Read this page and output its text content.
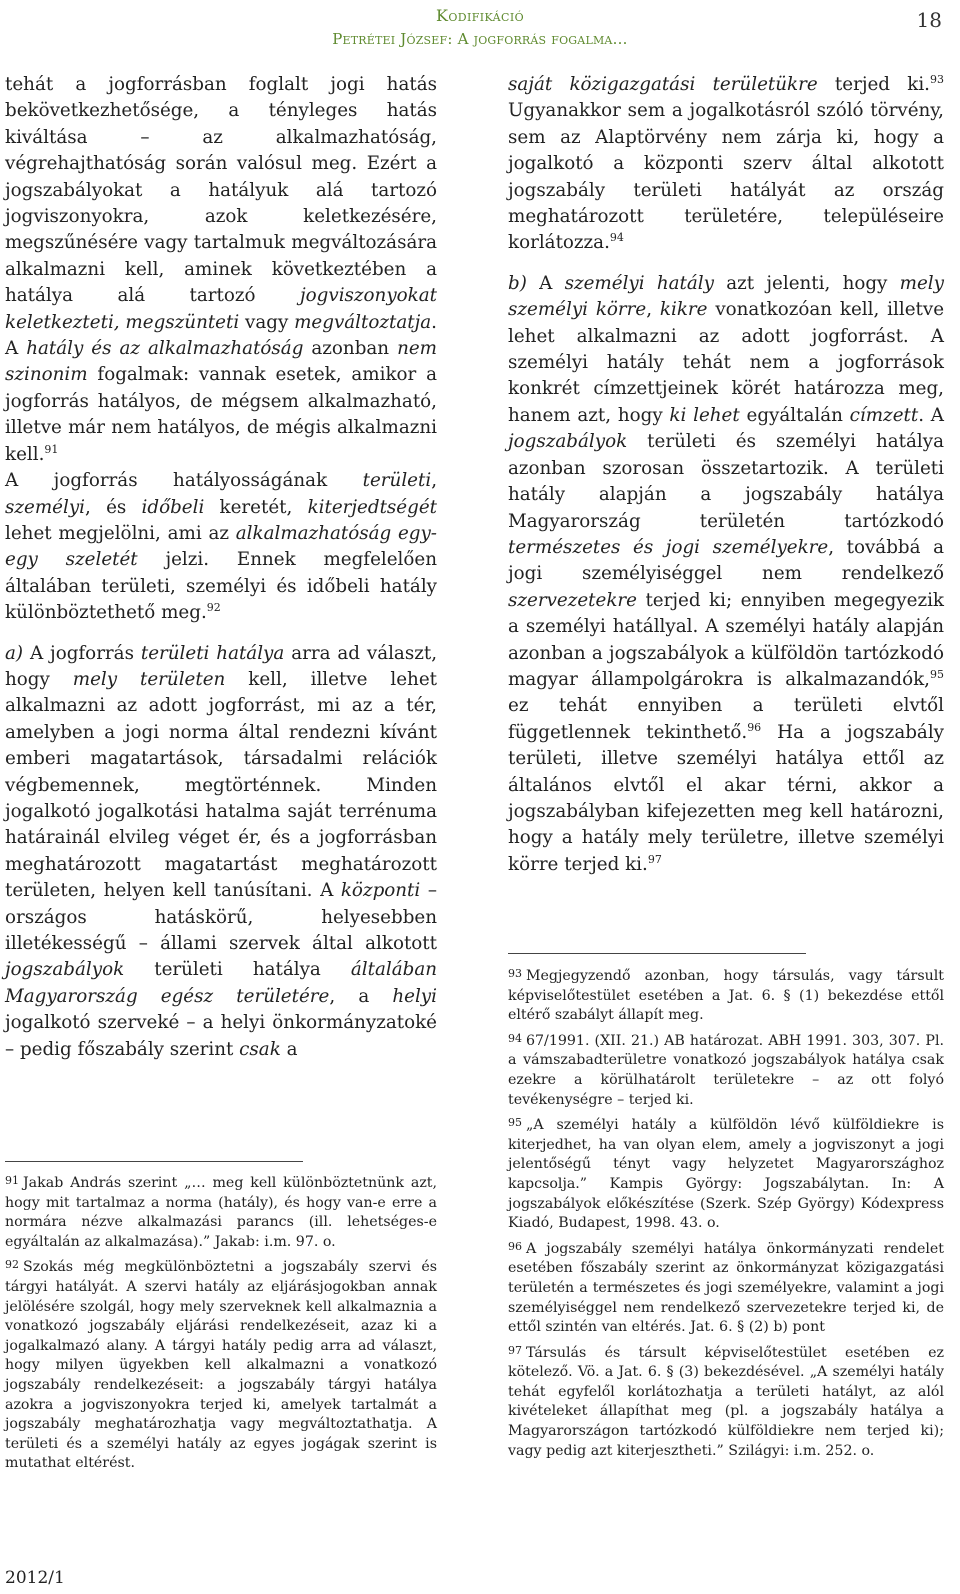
Kodifikáció
Petrétei József: A jogforrás fogalma…
18

tehát a jogforrásban foglalt jogi hatás bekövetkezhetősége, a tényleges hatás kiváltása – az alkalmazhatóság, végrehajthatóság során valósul meg. Ezért a jogszabályokat a hatályuk alá tartozó jogviszonyokra, azok keletkezésére, megszűnésére vagy tartalmuk megváltozására alkalmazni kell, aminek következtében a hatálya alá tartozó jogviszonyokat keletkezteti, megszünteti vagy megváltoztatja. A hatály és az alkalmazhatóság azonban nem szinonim fogalmak: vannak esetek, amikor a jogforrás hatályos, de mégsem alkalmazható, illetve már nem hatályos, de mégis alkalmazni kell.$^{91}$

A jogforrás hatályosságának területi, személyi, és időbeli keretét, kiterjedtségét lehet megjelölni, ami az alkalmazhatóság egy-egy szeletét jelzi. Ennek megfelelően általában területi, személyi és időbeli hatály különböztethető meg.$^{92}$

a) A jogforrás területi hatálya arra ad választ, hogy mely területen kell, illetve lehet alkalmazni az adott jogforrást, mi az a tér, amelyben a jogi norma által rendezni kívánt emberi magatartások, társadalmi relációk végbemennek, megtörténnek. Minden jogalkotó jogalkotási hatalma saját terrénuma határainál elvileg véget ér, és a jogforrásban meghatározott magatartást meghatározott területen, helyen kell tanúsítani. A központi – országos hatáskörű, helyesebben illetékességű – állami szervek által alkotott jogszabályok területi hatálya általában Magyarország egész területére, a helyi jogalkotó szerveké – a helyi önkormányzatoké – pedig főszabály szerint csak a

saját közigazgatási területükre terjed ki.$^{93}$ Ugyanakkor sem a jogalkotásról szóló törvény, sem az Alaptörvény nem zárja ki, hogy a jogalkotó a központi szerv által alkotott jogszabály területi hatályát az ország meghatározott területére, településeire korlátozza.$^{94}$

b) A személyi hatály azt jelenti, hogy mely személyi körre, kikre vonatkozóan kell, illetve lehet alkalmazni az adott jogforrást. A személyi hatály tehát nem a jogforrások konkrét címzettjeinek körét határozza meg, hanem azt, hogy ki lehet egyáltalán címzett. A jogszabályok területi és személyi hatálya azonban szorosan összetartozik. A területi hatály alapján a jogszabály hatálya Magyarország területén tartózkodó természetes és jogi személyekre, továbbá a jogi személyiséggel nem rendelkező szervezetekre terjed ki; ennyiben megegyezik a személyi hatállyal. A személyi hatály alapján azonban a jogszabályok a külföldön tartózkodó magyar állampolgárokra is alkalmazandók,$^{95}$ ez tehát ennyiben a területi elvtől függetlennek tekinthető.$^{96}$ Ha a jogszabály területi, illetve személyi hatálya ettől az általános elvtől el akar térni, akkor a jogszabályban kifejezetten meg kell határozni, hogy a hatály mely területre, illetve személyi körre terjed ki.$^{97}$

$^{91}$ Jakab András szerint „… meg kell különböztetnünk azt, hogy mit tartalmaz a norma (hatály), és hogy van-e erre a normára nézve alkalmazási parancs (ill. lehetséges-e egyáltalán az alkalmazása).” Jakab: i.m. 97. o.

$^{92}$ Szokás még megkülönböztetni a jogszabály szervi és tárgyi hatályát. A szervi hatály az eljárásjogokban annak jelölésére szolgál, hogy mely szerveknek kell alkalmaznia a vonatkozó jogszabály eljárási rendelkezéseit, azaz ki a jogalkalmazó alany. A tárgyi hatály pedig arra ad választ, hogy milyen ügyekben kell alkalmazni a vonatkozó jogszabály rendelkezéseit: a jogszabály tárgyi hatálya azokra a jogviszonyokra terjed ki, amelyek tartalmát a jogszabály meghatározhatja vagy megváltoztathatja. A területi és a személyi hatály az egyes jogágak szerint is mutathat eltérést.

$^{93}$ Megjegyzendő azonban, hogy társulás, vagy társult képviselőtestület esetében a Jat. 6. § (1) bekezdése ettől eltérő szabályt állapít meg.

$^{94}$ 67/1991. (XII. 21.) AB határozat. ABH 1991. 303, 307. Pl. a vámszabadterületre vonatkozó jogszabályok hatálya csak ezekre a körülhatárolt területekre – az ott folyó tevékenységre – terjed ki.

$^{95}$ „A személyi hatály a külföldön lévő külföldiekre is kiterjedhet, ha van olyan elem, amely a jogviszonyt a jogi jelentőségű tényt vagy helyzetet Magyarországhoz kapcsolja.” Kampis György: Jogszabálytan. In: A jogszabályok előkészítése (Szerk. Szép György) Kódexpress Kiadó, Budapest, 1998. 43. o.

$^{96}$ A jogszabály személyi hatálya önkormányzati rendelet esetében főszabály szerint az önkormányzat közigazgatási területén a természetes és jogi személyekre, valamint a jogi személyiséggel nem rendelkező szervezetekre terjed ki, de ettől szintén van eltérés. Jat. 6. § (2) b) pont

$^{97}$ Társulás és társult képviselőtestület esetében ez kötelező. Vö. a Jat. 6. § (3) bekezdésével. „A személyi hatály tehát egyfelől korlátozhatja a területi hatályt, az alól kivételeket állapíthat meg (pl. a jogszabály hatálya a Magyarországon tartózkodó külföldiekre nem terjed ki); vagy pedig azt kiterjesztheti.” Szilágyi: i.m. 252. o.

2012/1
